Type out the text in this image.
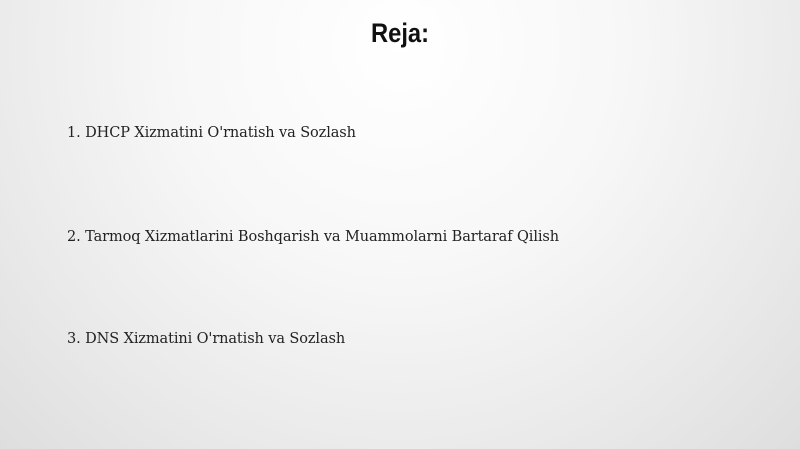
Reja:
1. DHCP Xizmatini O'rnatish va Sozlash
2. Tarmoq Xizmatlarini Boshqarish va Muammolarni Bartaraf Qilish
3. DNS Xizmatini O'rnatish va Sozlash
